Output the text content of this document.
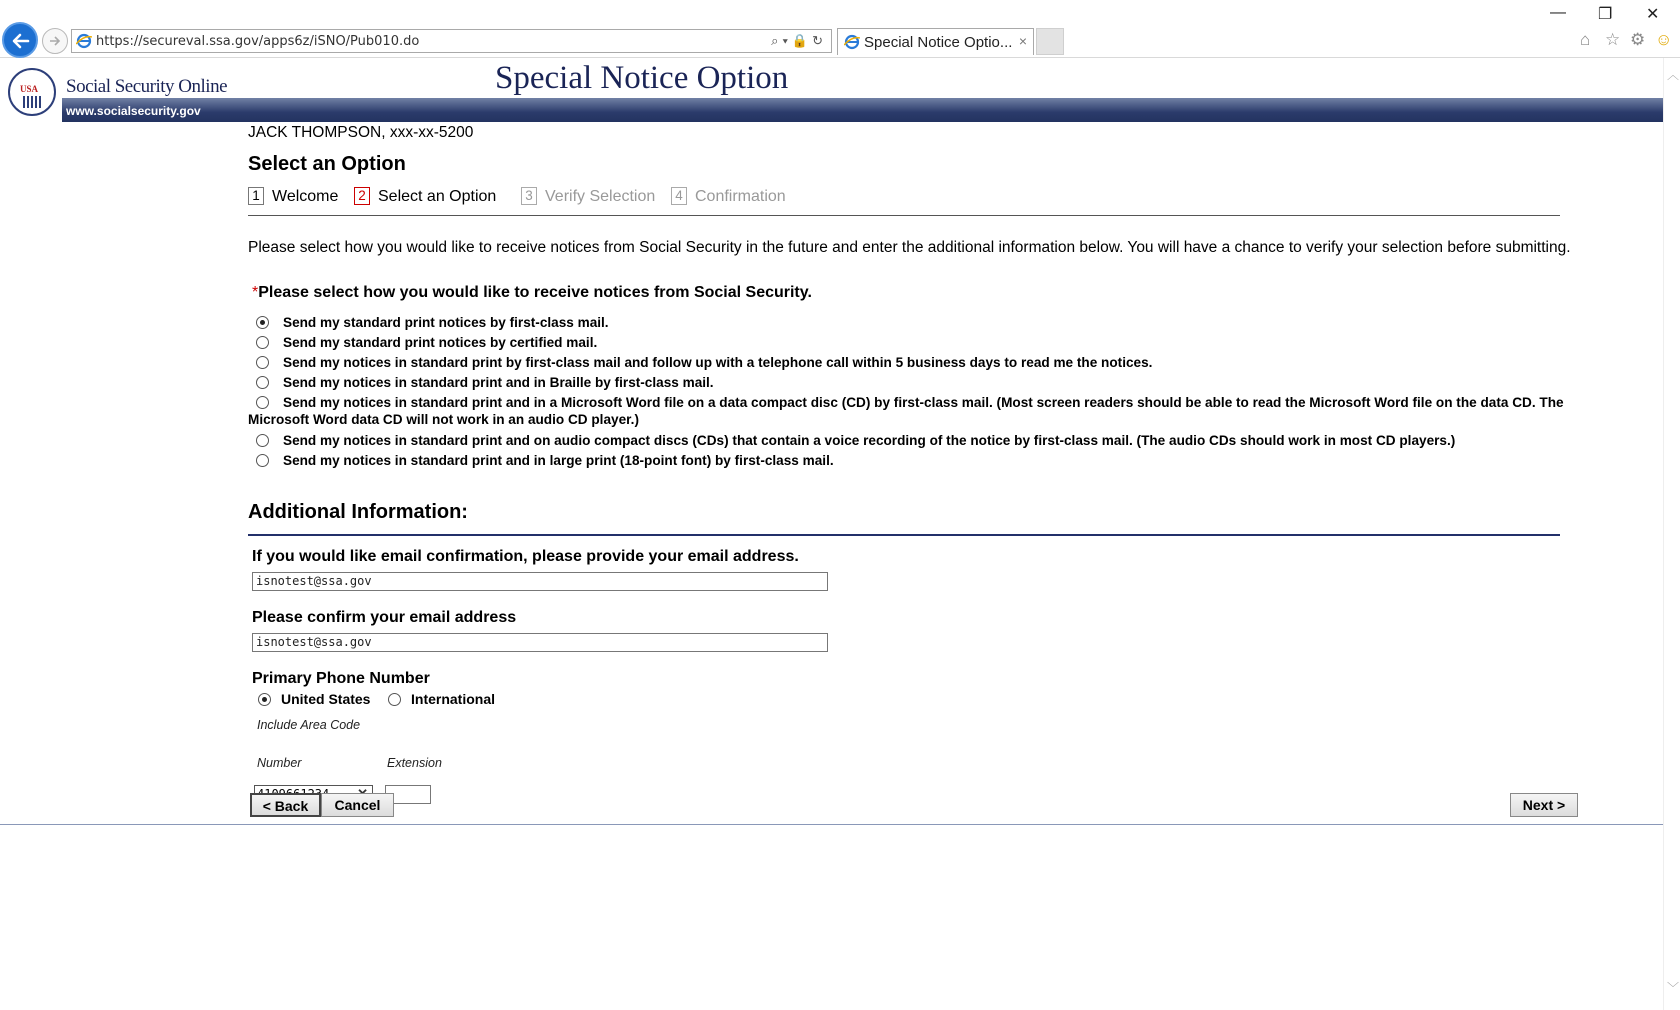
https://secureval.ssa.gov/apps6z/iSNO/Pub010.do	⌕▾🔒↻ Special Notice Optio... ×
— ❐ ✕
⌂ ☆ ⚙ ☺
USA Social Security Online
www.socialsecurity.gov
Special Notice Option
JACK THOMPSON, xxx-xx-5200
Select an Option
1 Welcome	2 Select an Option	3 Verify Selection	4 Confirmation
Please select how you would like to receive notices from Social Security in the future and enter the additional information below. You will have a chance to verify your selection before submitting.
*Please select how you would like to receive notices from Social Security.
Send my standard print notices by first-class mail.
Send my standard print notices by certified mail.
Send my notices in standard print by first-class mail and follow up with a telephone call within 5 business days to read me the notices.
Send my notices in standard print and in Braille by first-class mail.
Send my notices in standard print and in a Microsoft Word file on a data compact disc (CD) by first-class mail. (Most screen readers should be able to read the Microsoft Word file on the data CD. The Microsoft Word data CD will not work in an audio CD player.)
Send my notices in standard print and on audio compact discs (CDs) that contain a voice recording of the notice by first-class mail. (The audio CDs should work in most CD players.)
Send my notices in standard print and in large print (18-point font) by first-class mail.
Additional Information:
If you would like email confirmation, please provide your email address.
isnotest@ssa.gov
Please confirm your email address
isnotest@ssa.gov
Primary Phone Number
United States	International
Include Area Code
Number	Extension
< Back	Cancel	Next >
︿
﹀
